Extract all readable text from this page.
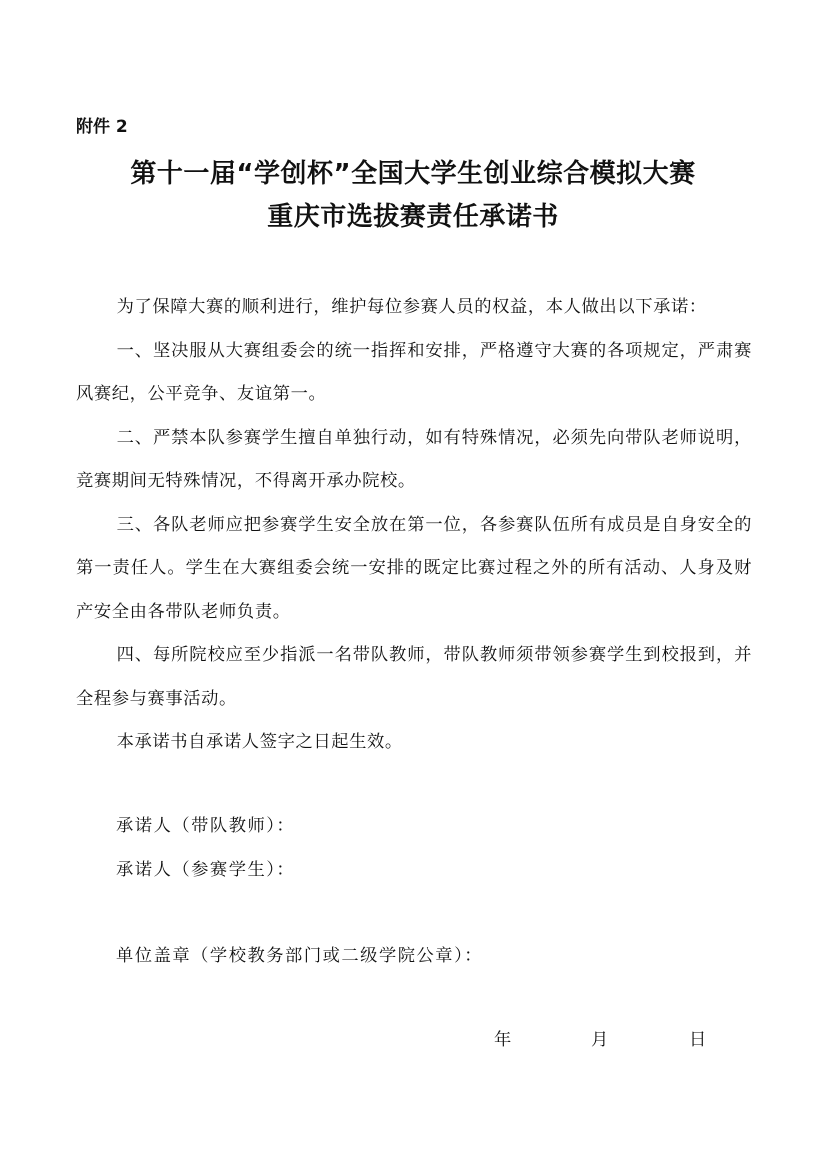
附件 2
第十一届“学创杯”全国大学生创业综合模拟大赛
重庆市选拔赛责任承诺书

为了保障大赛的顺利进行，维护每位参赛人员的权益，本人做出以下承诺：

一、坚决服从大赛组委会的统一指挥和安排，严格遵守大赛的各项规定，严肃赛风赛纪，公平竞争、友谊第一。

二、严禁本队参赛学生擅自单独行动，如有特殊情况，必须先向带队老师说明，竞赛期间无特殊情况，不得离开承办院校。

三、各队老师应把参赛学生安全放在第一位，各参赛队伍所有成员是自身安全的第一责任人。学生在大赛组委会统一安排的既定比赛过程之外的所有活动、人身及财产安全由各带队老师负责。

四、每所院校应至少指派一名带队教师，带队教师须带领参赛学生到校报到，并全程参与赛事活动。

本承诺书自承诺人签字之日起生效。

承诺人（带队教师）：
承诺人（参赛学生）：
单位盖章（学校教务部门或二级学院公章）：
年	月	日
